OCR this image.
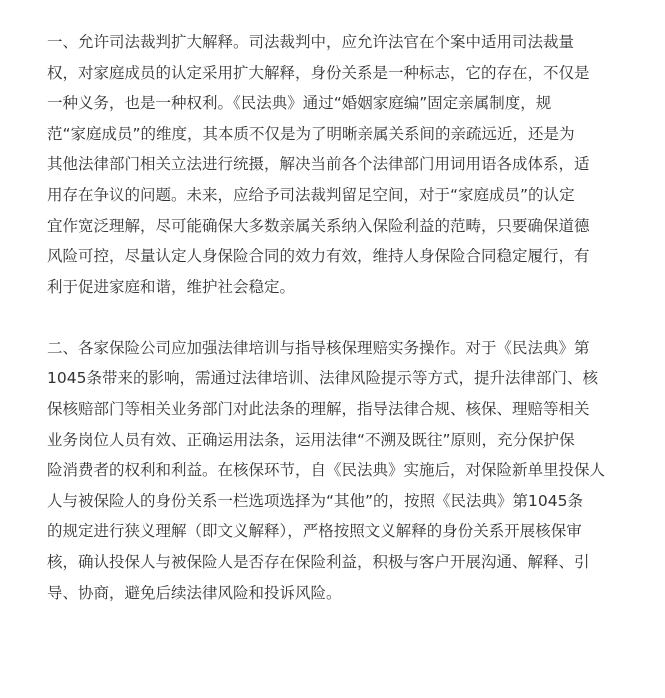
一、允许司法裁判扩大解释。司法裁判中，应允许法官在个案中适用司法裁量
权，对家庭成员的认定采用扩大解释，身份关系是一种标志，它的存在，不仅是
一种义务，也是一种权利。《民法典》通过“婚姻家庭编”固定亲属制度，规
范“家庭成员”的维度，其本质不仅是为了明晰亲属关系间的亲疏远近，还是为
其他法律部门相关立法进行统摄，解决当前各个法律部门用词用语各成体系，适
用存在争议的问题。未来，应给予司法裁判留足空间，对于“家庭成员”的认定
宜作宽泛理解，尽可能确保大多数亲属关系纳入保险利益的范畴，只要确保道德
风险可控，尽量认定人身保险合同的效力有效，维持人身保险合同稳定履行，有
利于促进家庭和谐，维护社会稳定。
二、各家保险公司应加强法律培训与指导核保理赔实务操作。对于《民法典》第
1045条带来的影响，需通过法律培训、法律风险提示等方式，提升法律部门、核
保核赔部门等相关业务部门对此法条的理解，指导法律合规、核保、理赔等相关
业务岗位人员有效、正确运用法条，运用法律“不溯及既往”原则，充分保护保
险消费者的权利和利益。在核保环节，自《民法典》实施后，对保险新单里投保人
人与被保险人的身份关系一栏选项选择为“其他”的，按照《民法典》第1045条
的规定进行狭义理解（即文义解释），严格按照文义解释的身份关系开展核保审
核，确认投保人与被保险人是否存在保险利益，积极与客户开展沟通、解释、引
导、协商，避免后续法律风险和投诉风险。
